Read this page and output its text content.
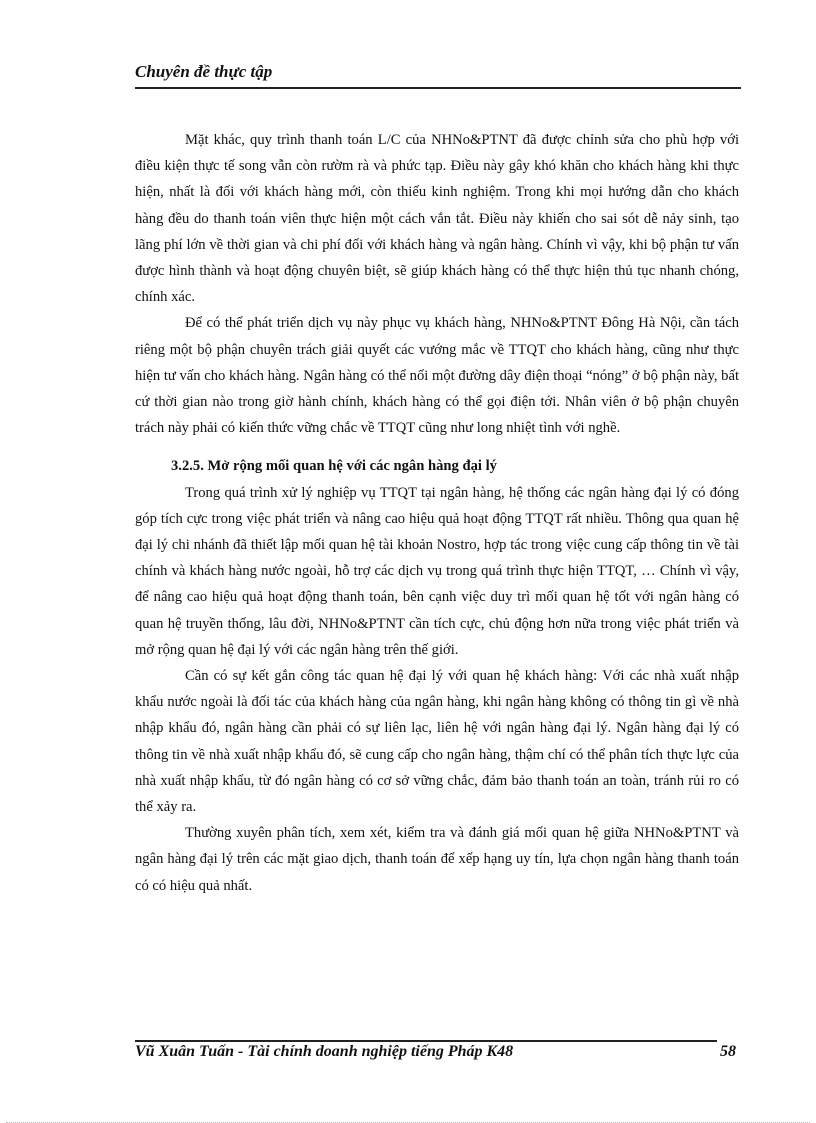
Chuyên đề thực tập

Mặt khác, quy trình thanh toán L/C của NHNo&PTNT đã được chỉnh sửa cho phù hợp với điều kiện thực tế song vẫn còn rườm rà và phức tạp. Điều này gây khó khăn cho khách hàng khi thực hiện, nhất là đối với khách hàng mới, còn thiếu kinh nghiệm. Trong khi mọi hướng dẫn cho khách hàng đều do thanh toán viên thực hiện một cách vắn tắt. Điều này khiến cho sai sót dễ nảy sinh, tạo lãng phí lớn về thời gian và chi phí đối với khách hàng và ngân hàng. Chính vì vậy, khi bộ phận tư vấn được hình thành và hoạt động chuyên biệt, sẽ giúp khách hàng có thể thực hiện thủ tục nhanh chóng, chính xác.

Để có thể phát triển dịch vụ này phục vụ khách hàng, NHNo&PTNT Đông Hà Nội, cần tách riêng một bộ phận chuyên trách giải quyết các vướng mắc về TTQT cho khách hàng, cũng như thực hiện tư vấn cho khách hàng. Ngân hàng có thể nối một đường dây điện thoại “nóng” ở bộ phận này, bất cứ thời gian nào trong giờ hành chính, khách hàng có thể gọi điện tới. Nhân viên ở bộ phận chuyên trách này phải có kiến thức vững chắc về TTQT cũng như long nhiệt tình với nghề.

3.2.5. Mở rộng mối quan hệ với các ngân hàng đại lý

Trong quá trình xử lý nghiệp vụ TTQT tại ngân hàng, hệ thống các ngân hàng đại lý có đóng góp tích cực trong việc phát triển và nâng cao hiệu quả hoạt động TTQT rất nhiều. Thông qua quan hệ đại lý chi nhánh đã thiết lập mối quan hệ tài khoản Nostro, hợp tác trong việc cung cấp thông tin về tài chính và khách hàng nước ngoài, hỗ trợ các dịch vụ trong quá trình thực hiện TTQT, … Chính vì vậy, để nâng cao hiệu quả hoạt động thanh toán, bên cạnh việc duy trì mối quan hệ tốt với ngân hàng có quan hệ truyền thống, lâu đời, NHNo&PTNT cần tích cực, chủ động hơn nữa trong việc phát triển và mở rộng quan hệ đại lý với các ngân hàng trên thế giới.

Cần có sự kết gắn công tác quan hệ đại lý với quan hệ khách hàng: Với các nhà xuất nhập khẩu nước ngoài là đối tác của khách hàng của ngân hàng, khi ngân hàng không có thông tin gì về nhà nhập khẩu đó, ngân hàng cần phải có sự liên lạc, liên hệ với ngân hàng đại lý. Ngân hàng đại lý có thông tin về nhà xuất nhập khẩu đó, sẽ cung cấp cho ngân hàng, thậm chí có thể phân tích thực lực của nhà xuất nhập khẩu, từ đó ngân hàng có cơ sở vững chắc, đảm bảo thanh toán an toàn, tránh rủi ro có thể xảy ra.

Thường xuyên phân tích, xem xét, kiểm tra và đánh giá mối quan hệ giữa NHNo&PTNT và ngân hàng đại lý trên các mặt giao dịch, thanh toán để xếp hạng uy tín, lựa chọn ngân hàng thanh toán có có hiệu quả nhất.

Vũ Xuân Tuấn - Tài chính doanh nghiệp tiếng Pháp K48	58
